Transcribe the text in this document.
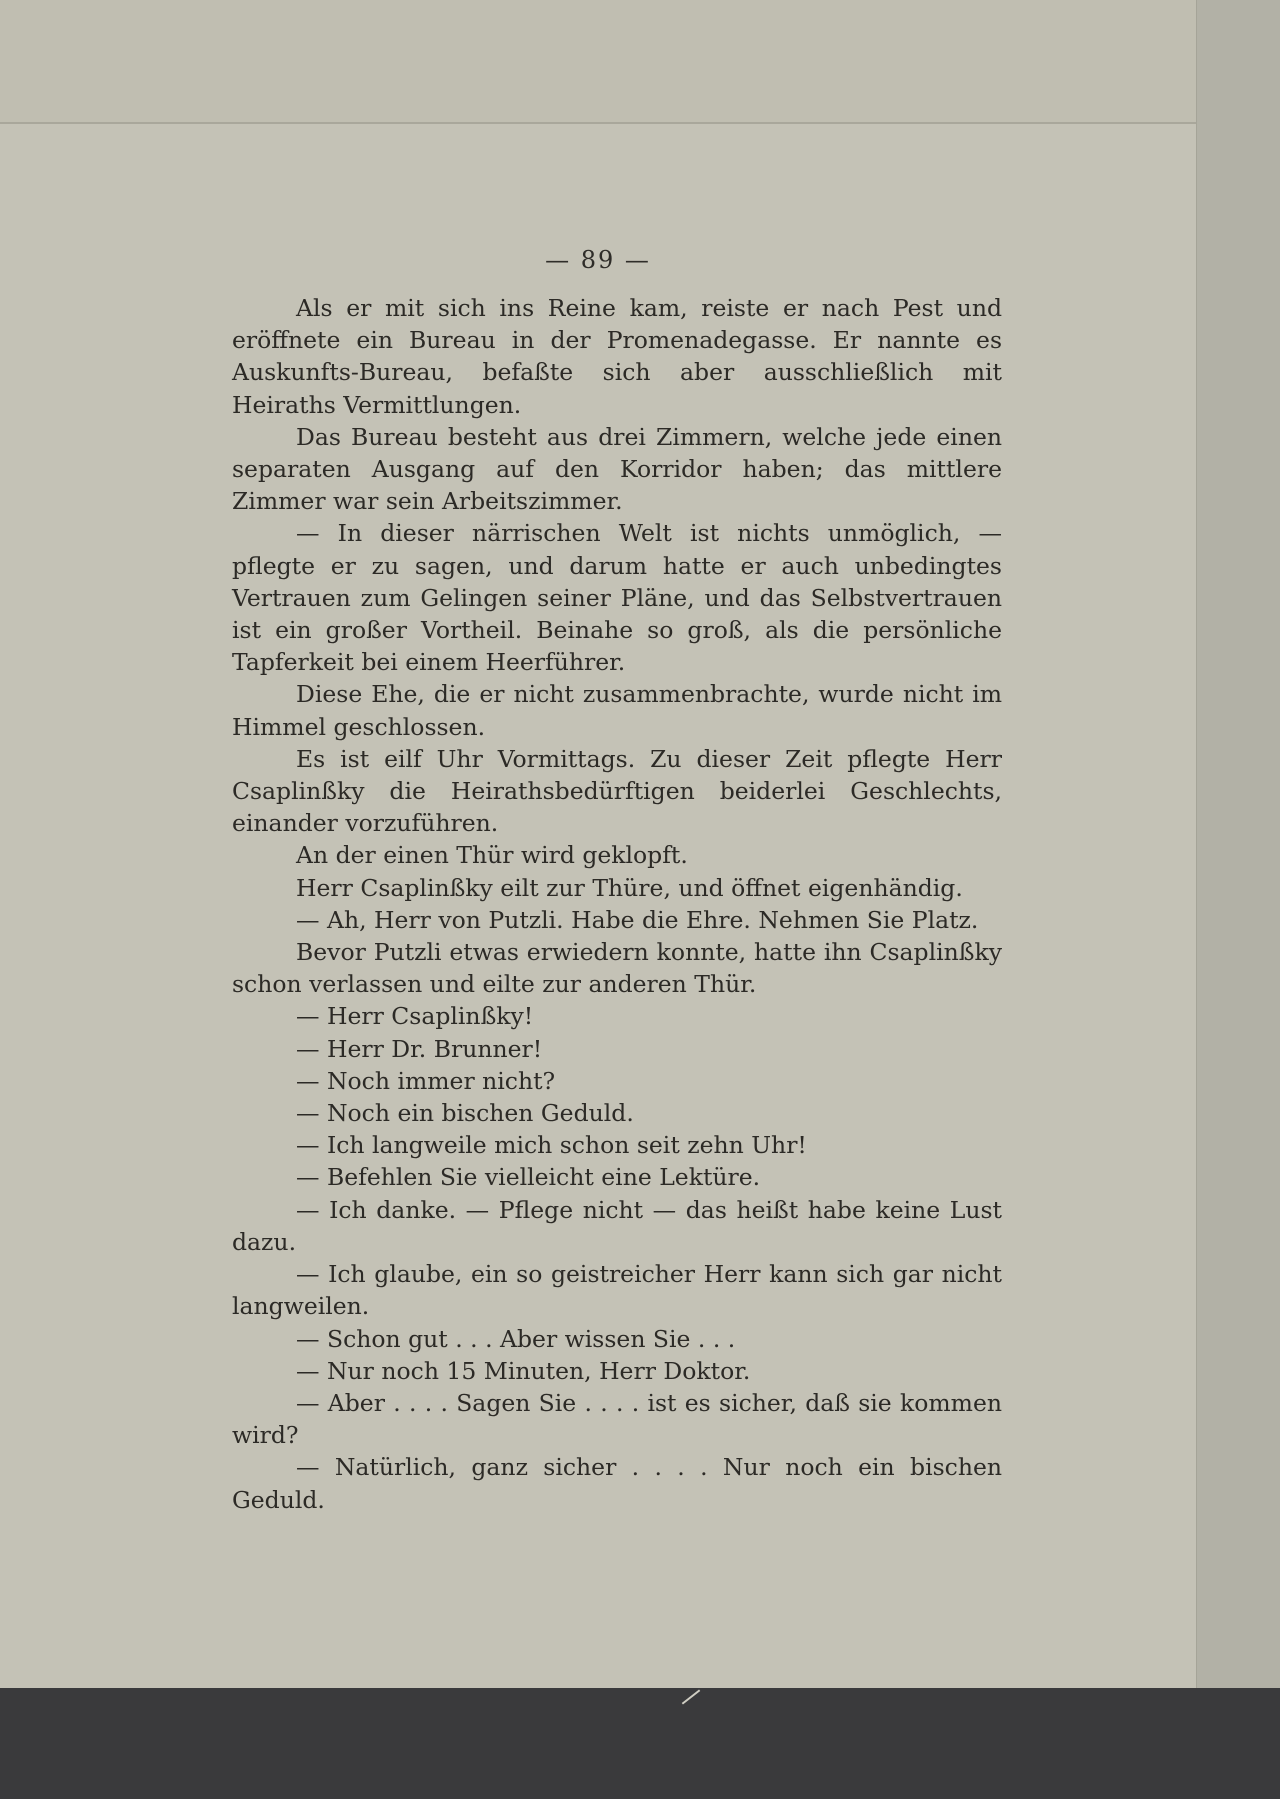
— 89 —

Als er mit sich ins Reine kam, reiste er nach Pest und eröffnete ein Bureau in der Promenadegasse. Er nannte es Auskunfts-Bureau, befaßte sich aber ausschließlich mit Heiraths Vermittlungen.

Das Bureau besteht aus drei Zimmern, welche jede einen separaten Ausgang auf den Korridor haben; das mittlere Zimmer war sein Arbeitszimmer.

— In dieser närrischen Welt ist nichts unmöglich, — pflegte er zu sagen, und darum hatte er auch unbedingtes Vertrauen zum Gelingen seiner Pläne, und das Selbstvertrauen ist ein großer Vortheil. Beinahe so groß, als die persönliche Tapferkeit bei einem Heerführer.

Diese Ehe, die er nicht zusammenbrachte, wurde nicht im Himmel geschlossen.

Es ist eilf Uhr Vormittags. Zu dieser Zeit pflegte Herr Csaplinßky die Heirathsbedürftigen beiderlei Geschlechts, einander vorzuführen.

An der einen Thür wird geklopft.

Herr Csaplinßky eilt zur Thüre, und öffnet eigenhändig.

— Ah, Herr von Putzli. Habe die Ehre. Nehmen Sie Platz.

Bevor Putzli etwas erwiedern konnte, hatte ihn Csaplinßky schon verlassen und eilte zur anderen Thür.

— Herr Csaplinßky!

— Herr Dr. Brunner!

— Noch immer nicht?

— Noch ein bischen Geduld.

— Ich langweile mich schon seit zehn Uhr!

— Befehlen Sie vielleicht eine Lektüre.

— Ich danke. — Pflege nicht — das heißt habe keine Lust dazu.

— Ich glaube, ein so geistreicher Herr kann sich gar nicht langweilen.

— Schon gut . . . Aber wissen Sie . . .

— Nur noch 15 Minuten, Herr Doktor.

— Aber . . . . Sagen Sie . . . . ist es sicher, daß sie kommen wird?

— Natürlich, ganz sicher . . . . Nur noch ein bischen Geduld.
